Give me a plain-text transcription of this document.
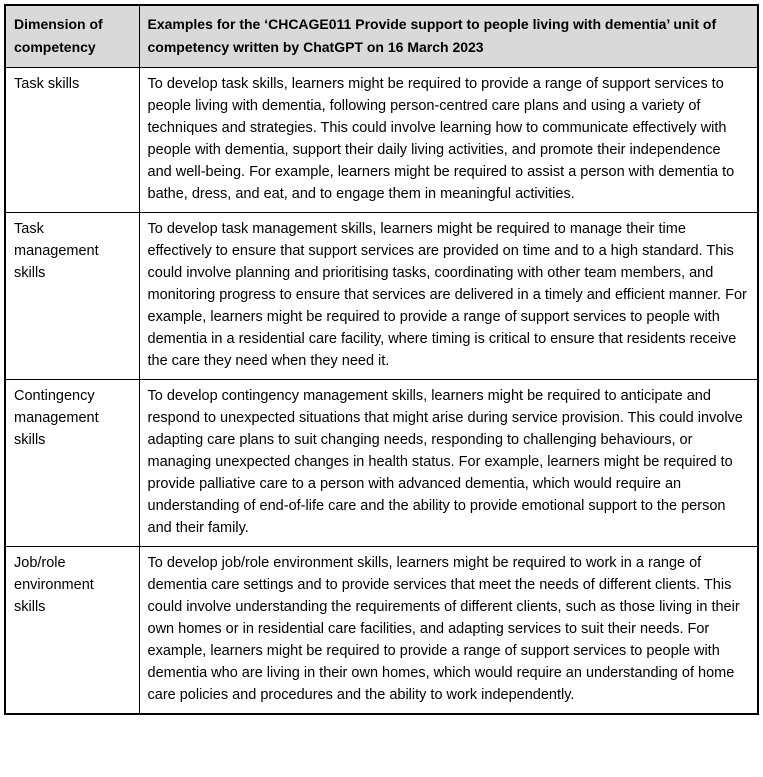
Dimension of competency	Examples for the ‘CHCAGE011 Provide support to people living with dementia’ unit of competency written by ChatGPT on 16 March 2023
Task skills	To develop task skills, learners might be required to provide a range of support services to people living with dementia, following person-centred care plans and using a variety of techniques and strategies. This could involve learning how to communicate effectively with people with dementia, support their daily living activities, and promote their independence and well-being. For example, learners might be required to assist a person with dementia to bathe, dress, and eat, and to engage them in meaningful activities.
Task management skills	To develop task management skills, learners might be required to manage their time effectively to ensure that support services are provided on time and to a high standard. This could involve planning and prioritising tasks, coordinating with other team members, and monitoring progress to ensure that services are delivered in a timely and efficient manner. For example, learners might be required to provide a range of support services to people with dementia in a residential care facility, where timing is critical to ensure that residents receive the care they need when they need it.
Contingency management skills	To develop contingency management skills, learners might be required to anticipate and respond to unexpected situations that might arise during service provision. This could involve adapting care plans to suit changing needs, responding to challenging behaviours, or managing unexpected changes in health status. For example, learners might be required to provide palliative care to a person with advanced dementia, which would require an understanding of end-of-life care and the ability to provide emotional support to the person and their family.
Job/role environment skills	To develop job/role environment skills, learners might be required to work in a range of dementia care settings and to provide services that meet the needs of different clients. This could involve understanding the requirements of different clients, such as those living in their own homes or in residential care facilities, and adapting services to suit their needs. For example, learners might be required to provide a range of support services to people with dementia who are living in their own homes, which would require an understanding of home care policies and procedures and the ability to work independently.
